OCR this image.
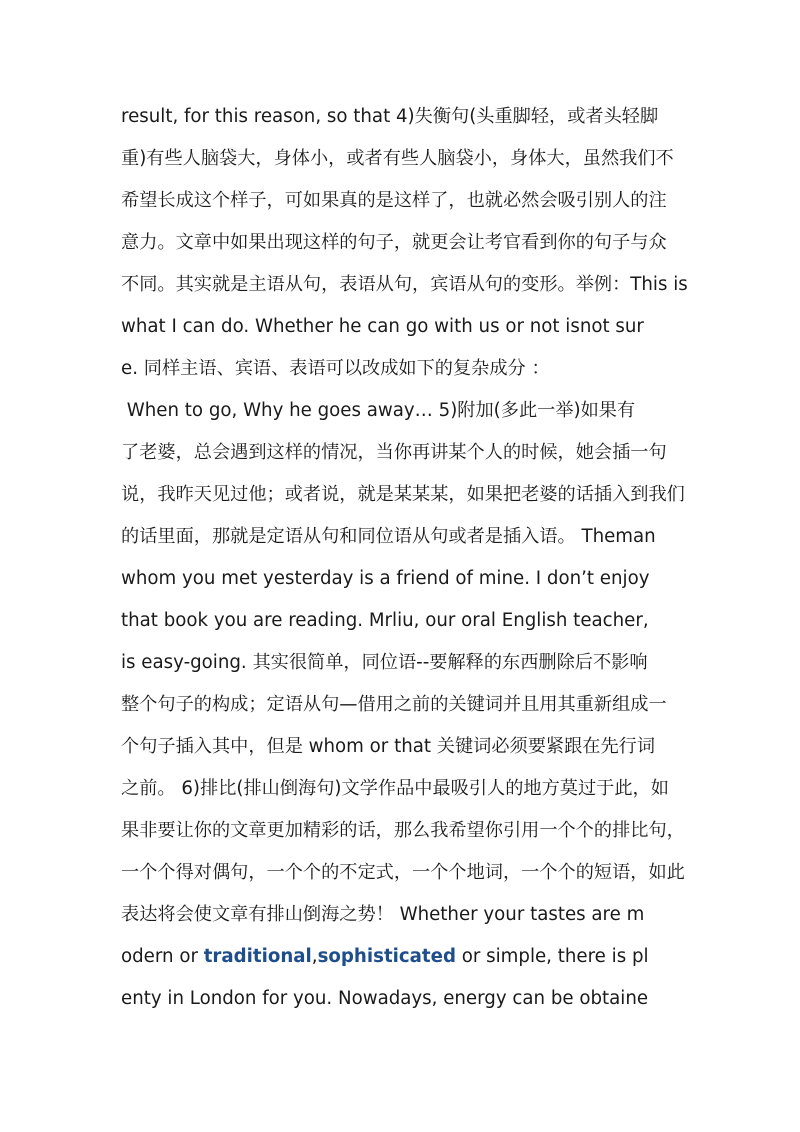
result, for this reason, so that 4)失衡句(头重脚轻，或者头轻脚
重)有些人脑袋大，身体小，或者有些人脑袋小，身体大，虽然我们不
希望长成这个样子，可如果真的是这样了，也就必然会吸引别人的注
意力。文章中如果出现这样的句子，就更会让考官看到你的句子与众
不同。其实就是主语从句，表语从句，宾语从句的变形。举例：This is
what I can do. Whether he can go with us or not isnot sur
e. 同样主语、宾语、表语可以改成如下的复杂成分 ：
When to go, Why he goes away… 5)附加(多此一举)如果有
了老婆，总会遇到这样的情况，当你再讲某个人的时候，她会插一句
说，我昨天见过他；或者说，就是某某某，如果把老婆的话插入到我们
的话里面，那就是定语从句和同位语从句或者是插入语。 Theman
whom you met yesterday is a friend of mine. I don’t enjoy
that book you are reading. Mrliu, our oral English teacher,
is easy-going. 其实很简单，同位语--要解释的东西删除后不影响
整个句子的构成；定语从句—借用之前的关键词并且用其重新组成一
个句子插入其中，但是 whom or that 关键词必须要紧跟在先行词
之前。 6)排比(排山倒海句)文学作品中最吸引人的地方莫过于此，如
果非要让你的文章更加精彩的话，那么我希望你引用一个个的排比句，
一个个得对偶句，一个个的不定式，一个个地词，一个个的短语，如此
表达将会使文章有排山倒海之势！ Whether your tastes are m
odern or traditional,sophisticated or simple, there is pl
enty in London for you. Nowadays, energy can be obtaine
